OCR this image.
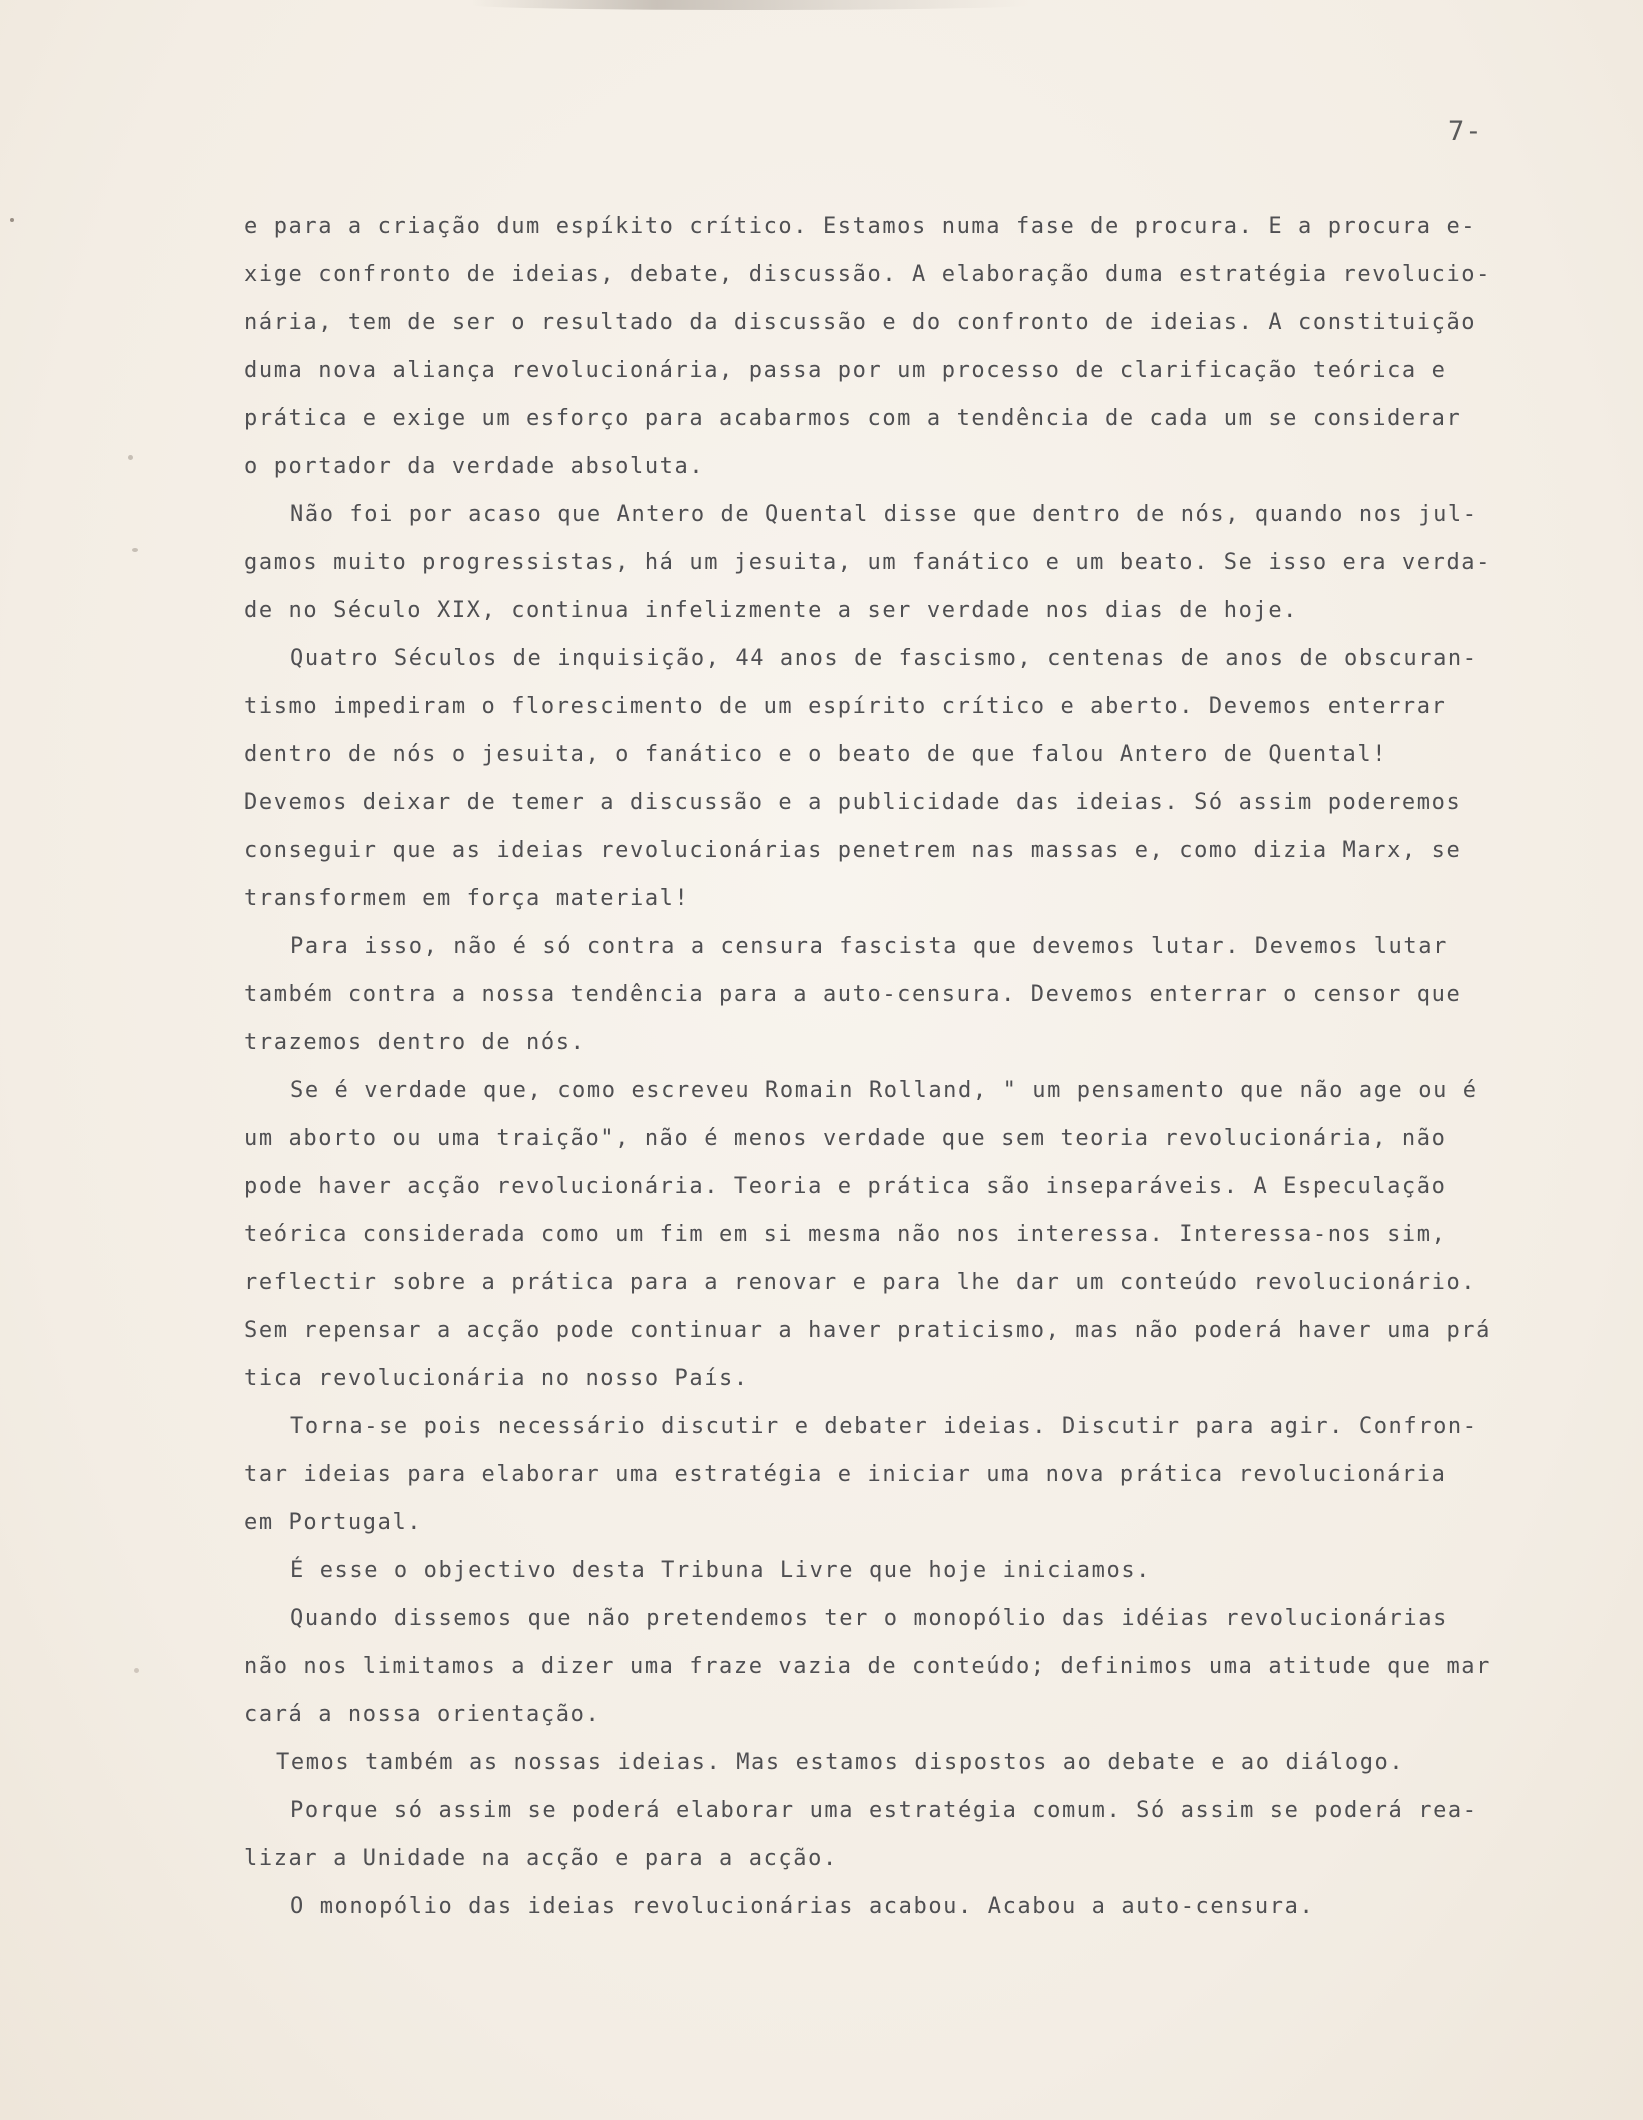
7-
e para a criação dum espíkito crítico. Estamos numa fase de procura. E a procura e-
xige confronto de ideias, debate, discussão. A elaboração duma estratégia revolucio-
nária, tem de ser o resultado da discussão e do confronto de ideias. A constituição
duma nova aliança revolucionária, passa por um processo de clarificação teórica e
prática e exige um esforço para acabarmos com a tendência de cada um se considerar
o portador da verdade absoluta.
Não foi por acaso que Antero de Quental disse que dentro de nós, quando nos jul-
gamos muito progressistas, há um jesuita, um fanático e um beato. Se isso era verda-
de no Século XIX, continua infelizmente a ser verdade nos dias de hoje.
Quatro Séculos de inquisição, 44 anos de fascismo, centenas de anos de obscuran-
tismo impediram o florescimento de um espírito crítico e aberto. Devemos enterrar
dentro de nós o jesuita, o fanático e o beato de que falou Antero de Quental!
Devemos deixar de temer a discussão e a publicidade das ideias. Só assim poderemos
conseguir que as ideias revolucionárias penetrem nas massas e, como dizia Marx, se
transformem em força material!
Para isso, não é só contra a censura fascista que devemos lutar. Devemos lutar
também contra a nossa tendência para a auto-censura. Devemos enterrar o censor que
trazemos dentro de nós.
Se é verdade que, como escreveu Romain Rolland, " um pensamento que não age ou é
um aborto ou uma traição", não é menos verdade que sem teoria revolucionária, não
pode haver acção revolucionária. Teoria e prática são inseparáveis. A Especulação
teórica considerada como um fim em si mesma não nos interessa. Interessa-nos sim,
reflectir sobre a prática para a renovar e para lhe dar um conteúdo revolucionário.
Sem repensar a acção pode continuar a haver praticismo, mas não poderá haver uma prá
tica revolucionária no nosso País.
Torna-se pois necessário discutir e debater ideias. Discutir para agir. Confron-
tar ideias para elaborar uma estratégia e iniciar uma nova prática revolucionária
em Portugal.
É esse o objectivo desta Tribuna Livre que hoje iniciamos.
Quando dissemos que não pretendemos ter o monopólio das idéias revolucionárias
não nos limitamos a dizer uma fraze vazia de conteúdo; definimos uma atitude que mar
cará a nossa orientação.
Temos também as nossas ideias. Mas estamos dispostos ao debate e ao diálogo.
Porque só assim se poderá elaborar uma estratégia comum. Só assim se poderá rea-
lizar a Unidade na acção e para a acção.
O monopólio das ideias revolucionárias acabou. Acabou a auto-censura.
